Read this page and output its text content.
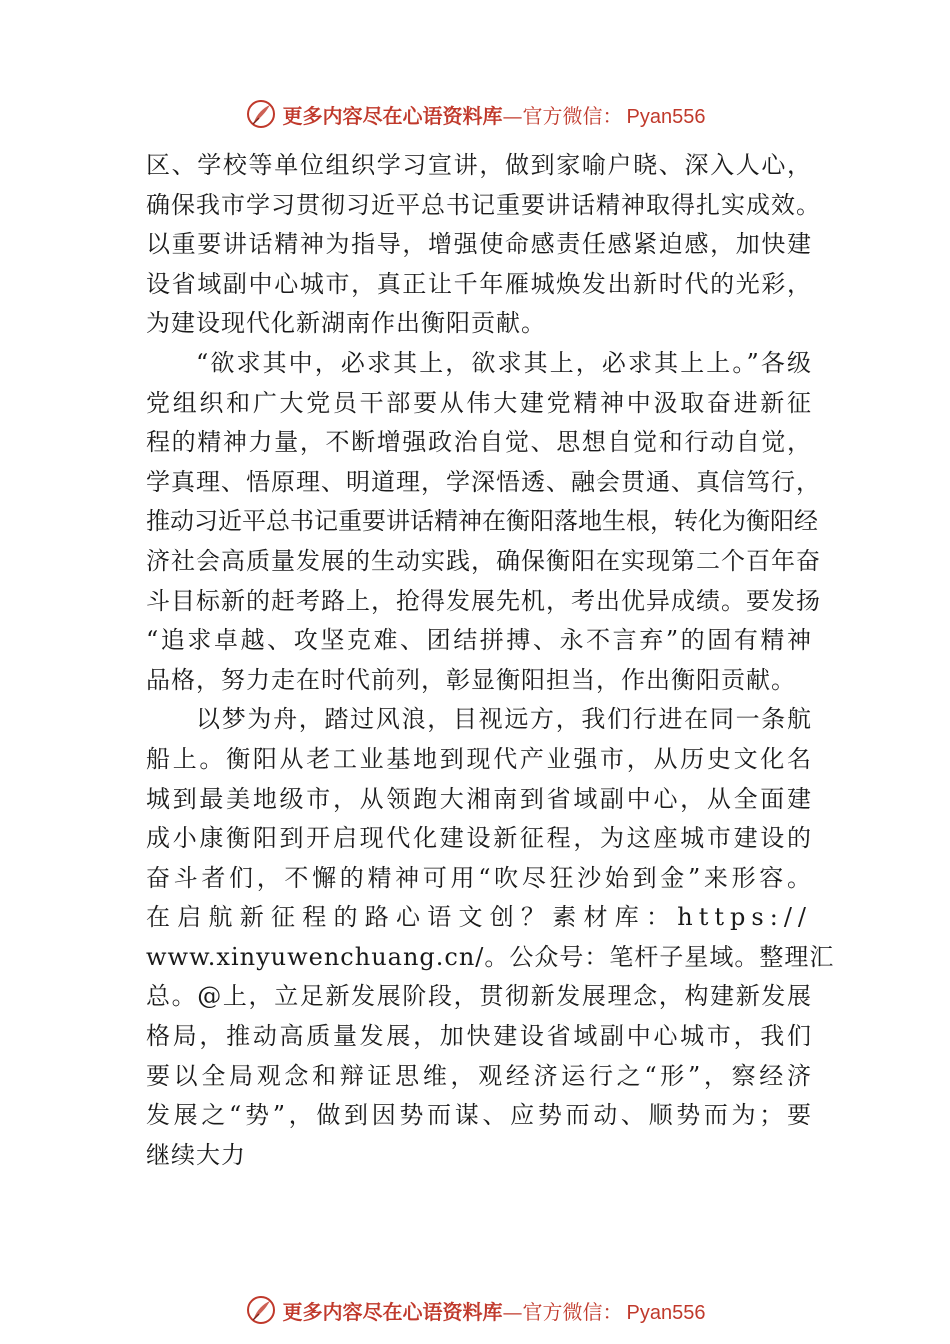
更多内容尽在心语资料库—官方微信： Pyan556
区、学校等单位组织学习宣讲，做到家喻户晓、深入人心，
确保我市学习贯彻习近平总书记重要讲话精神取得扎实成效。
以重要讲话精神为指导，增强使命感责任感紧迫感，加快建
设省域副中心城市，真正让千年雁城焕发出新时代的光彩，
为建设现代化新湖南作出衡阳贡献。
“欲求其中，必求其上，欲求其上，必求其上上。”各级
党组织和广大党员干部要从伟大建党精神中汲取奋进新征
程的精神力量，不断增强政治自觉、思想自觉和行动自觉，
学真理、悟原理、明道理，学深悟透、融会贯通、真信笃行，
推动习近平总书记重要讲话精神在衡阳落地生根，转化为衡阳经
济社会高质量发展的生动实践，确保衡阳在实现第二个百年奋
斗目标新的赶考路上，抢得发展先机，考出优异成绩。要发扬
“追求卓越、攻坚克难、团结拼搏、永不言弃”的固有精神
品格，努力走在时代前列，彰显衡阳担当，作出衡阳贡献。
以梦为舟，踏过风浪，目视远方，我们行进在同一条航
船上。衡阳从老工业基地到现代产业强市，从历史文化名
城到最美地级市，从领跑大湘南到省域副中心，从全面建
成小康衡阳到开启现代化建设新征程，为这座城市建设的
奋斗者们，不懈的精神可用“吹尽狂沙始到金”来形容。
在启航新征程的路心语文创？素材库：https://
www.xinyuwenchuang.cn/。公众号：笔杆子星域。整理汇
总。@上，立足新发展阶段，贯彻新发展理念，构建新发展
格局，推动高质量发展，加快建设省域副中心城市，我们
要以全局观念和辩证思维，观经济运行之“形”，察经济
发展之“势”，做到因势而谋、应势而动、顺势而为；要
继续大力
更多内容尽在心语资料库—官方微信： Pyan556
